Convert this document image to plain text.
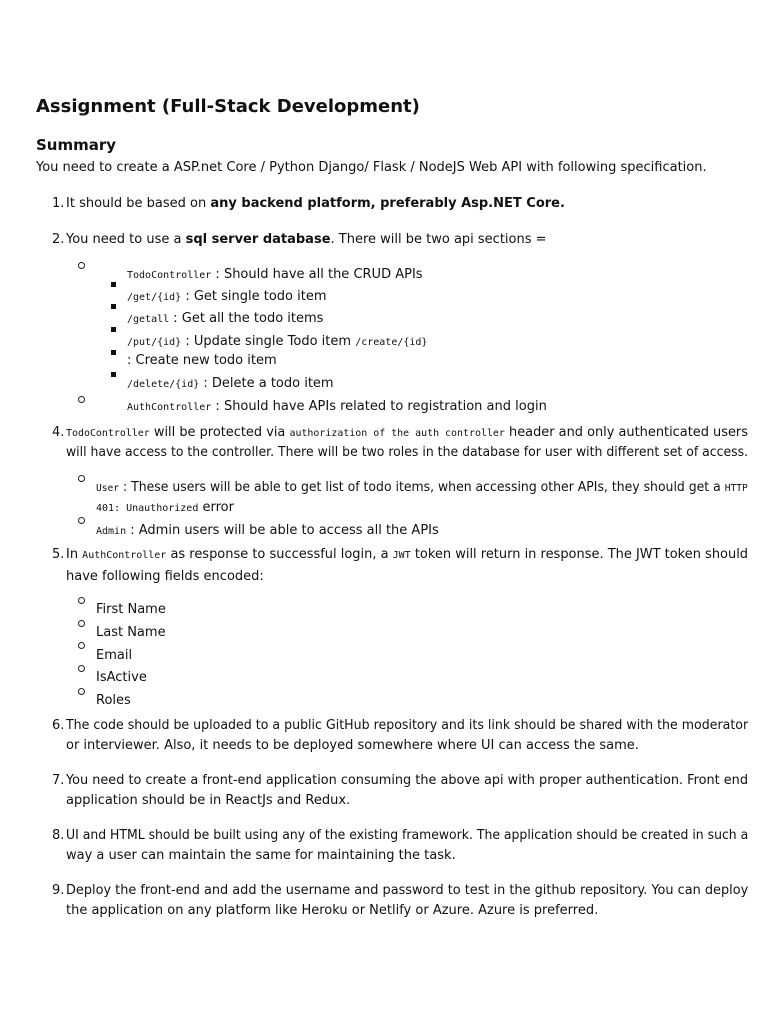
Assignment (Full-Stack Development)
Summary
You need to create a ASP.net Core / Python Django/ Flask / NodeJS Web API with following specification.
1. It should be based on any backend platform, preferably Asp.NET Core.
2. You need to use a sql server database. There will be two api sections =
TodoController : Should have all the CRUD APIs
/get/{id} : Get single todo item
/getall : Get all the todo items
/put/{id} : Update single Todo item /create/{id}
: Create new todo item
/delete/{id} : Delete a todo item
AuthController : Should have APIs related to registration and login
4. TodoController will be protected via authorization of the auth controller header and only authenticated users
will have access to the controller. There will be two roles in the database for user with different set of access.
User : These users will be able to get list of todo items, when accessing other APIs, they should get a HTTP
401: Unauthorized error
Admin : Admin users will be able to access all the APIs
5. In AuthController as response to successful login, a JWT token will return in response. The JWT token should
have following fields encoded:
First Name
Last Name
Email
IsActive
Roles
6. The code should be uploaded to a public GitHub repository and its link should be shared with the moderator
or interviewer. Also, it needs to be deployed somewhere where UI can access the same.
7. You need to create a front-end application consuming the above api with proper authentication. Front end
application should be in ReactJs and Redux.
8. UI and HTML should be built using any of the existing framework. The application should be created in such a
way a user can maintain the same for maintaining the task.
9. Deploy the front-end and add the username and password to test in the github repository. You can deploy
the application on any platform like Heroku or Netlify or Azure. Azure is preferred.
